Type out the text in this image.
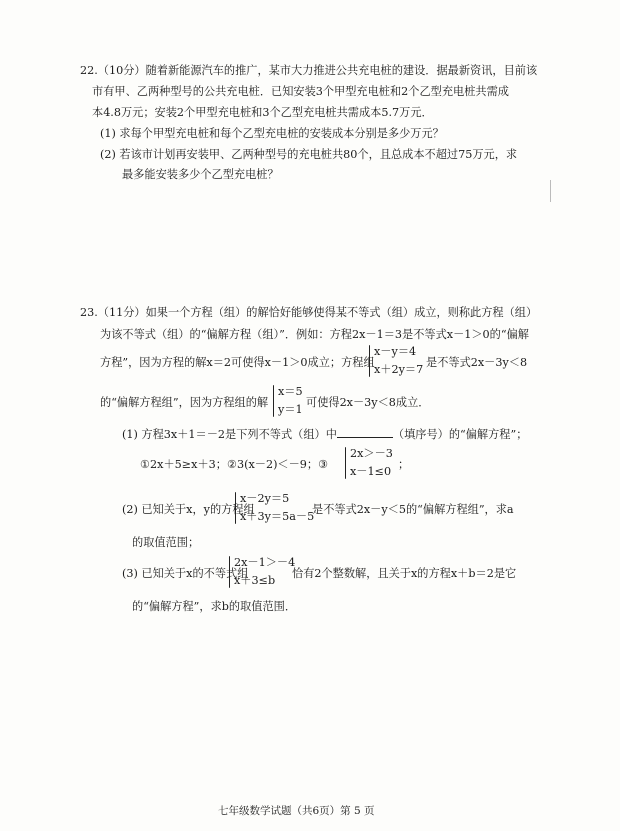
22.（10分）随着新能源汽车的推广，某市大力推进公共充电桩的建设．据最新资讯，目前该
市有甲、乙两种型号的公共充电桩．已知安装3个甲型充电桩和2个乙型充电桩共需成
本4.8万元；安装2个甲型充电桩和3个乙型充电桩共需成本5.7万元．
(1) 求每个甲型充电桩和每个乙型充电桩的安装成本分别是多少万元？
(2) 若该市计划再安装甲、乙两种型号的充电桩共80个，且总成本不超过75万元，求
最多能安装多少个乙型充电桩？
23.（11分）如果一个方程（组）的解恰好能够使得某不等式（组）成立，则称此方程（组）
为该不等式（组）的“偏解方程（组）”．例如：方程2x－1＝3是不等式x－1＞0的“偏解
方程”，因为方程的解x＝2可使得x－1＞0成立；方程组
x－y＝4
x＋2y＝7
是不等式2x－3y＜8
的“偏解方程组”，因为方程组的解
x＝5
y＝1
可使得2x－3y＜8成立．
(1) 方程3x＋1＝－2是下列不等式（组）中	（填序号）的“偏解方程”；
①2x＋5≥x＋3；②3(x－2)＜－9；③
2x＞－3
x－1≤0
；
(2) 已知关于x，y的方程组
x－2y＝5
x＋3y＝5a－5
是不等式2x－y＜5的“偏解方程组”，求a
的取值范围；
(3) 已知关于x的不等式组
2x－1＞－4
x＋3≤b
恰有2个整数解，且关于x的方程x＋b＝2是它
的“偏解方程”，求b的取值范围．
七年级数学试题（共6页）第 5 页
